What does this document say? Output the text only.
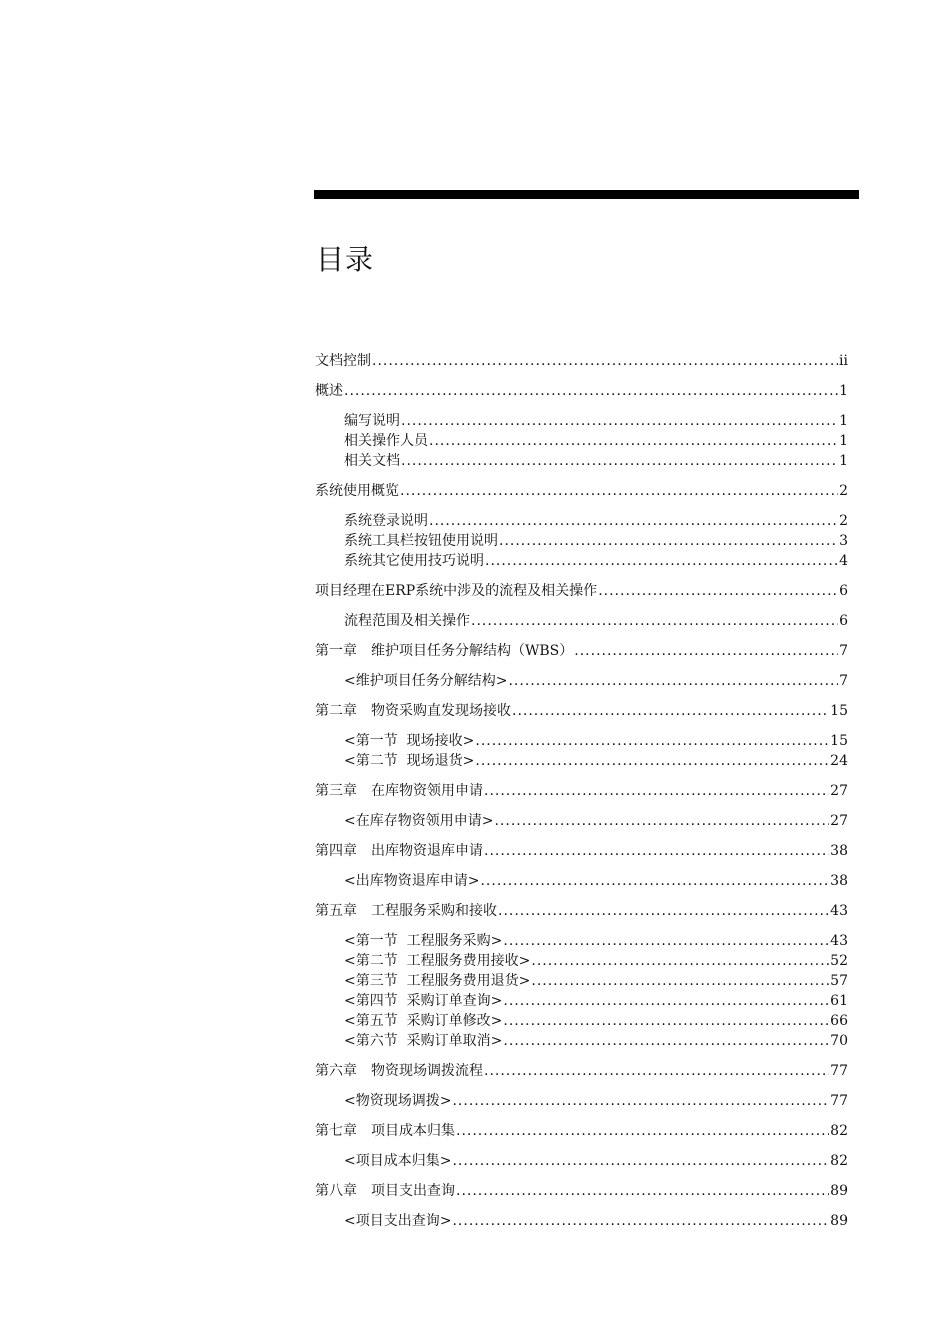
目录
文档控制 .....	ii
概述 .....	1
编写说明 .....	1
相关操作人员 .....	1
相关文档 .....	1
系统使用概览 .....	2
系统登录说明 .....	2
系统工具栏按钮使用说明 .....	3
系统其它使用技巧说明 .....	4
项目经理在ERP系统中涉及的流程及相关操作 .....	6
流程范围及相关操作 .....	6
第一章　维护项目任务分解结构（WBS） .....	7
<维护项目任务分解结构> .....	7
第二章　物资采购直发现场接收 .....	15
<第一节  现场接收> .....	15
<第二节  现场退货> .....	24
第三章　在库物资领用申请 .....	27
<在库存物资领用申请> .....	27
第四章　出库物资退库申请 .....	38
<出库物资退库申请> .....	38
第五章　工程服务采购和接收 .....	43
<第一节  工程服务采购> .....	43
<第二节  工程服务费用接收> .....	52
<第三节  工程服务费用退货> .....	57
<第四节  采购订单查询> .....	61
<第五节  采购订单修改> .....	66
<第六节  采购订单取消> .....	70
第六章　物资现场调拨流程 .....	77
<物资现场调拨> .....	77
第七章　项目成本归集 .....	82
<项目成本归集> .....	82
第八章　项目支出查询 .....	89
<项目支出查询> .....	89
